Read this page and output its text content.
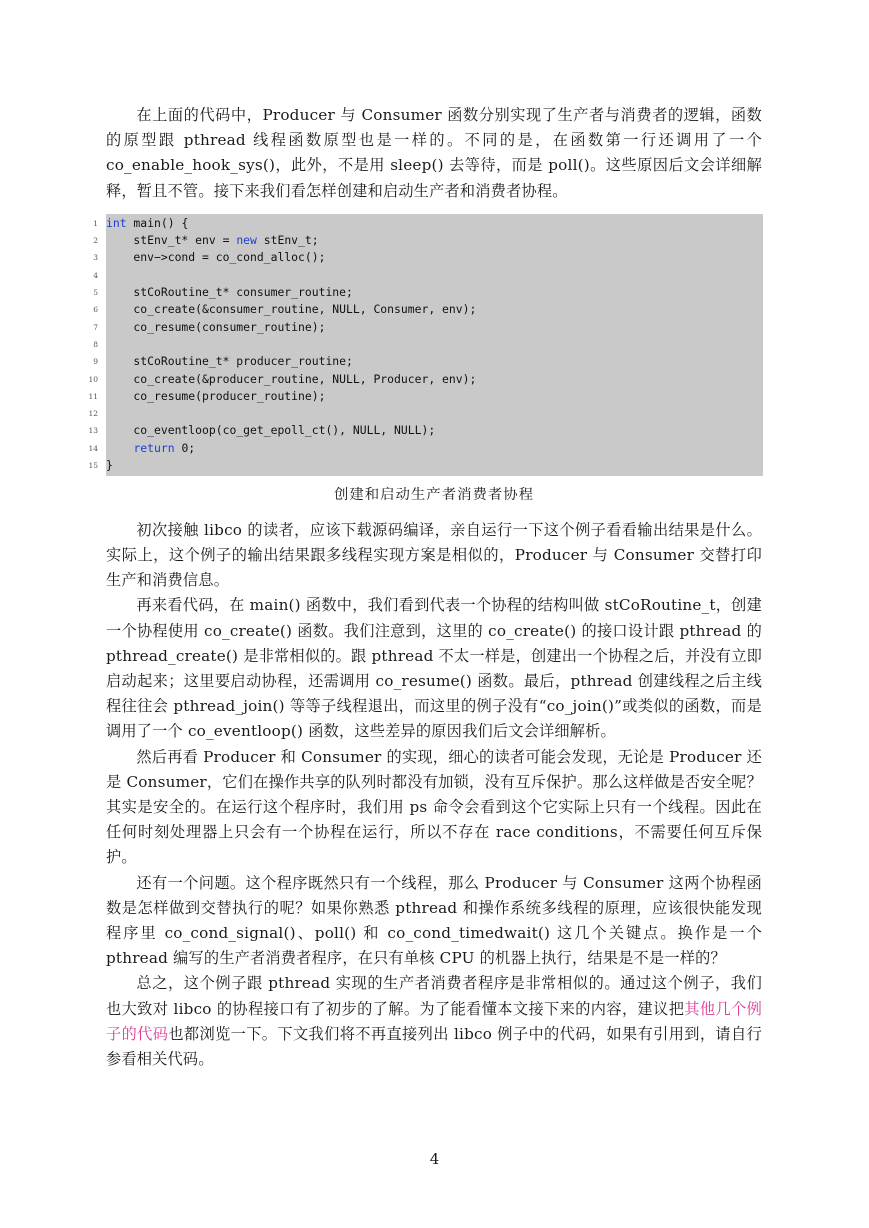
在上面的代码中，Producer 与 Consumer 函数分别实现了生产者与消费者的逻辑，函数的原型跟 pthread 线程函数原型也是一样的。不同的是，在函数第一行还调用了一个 co_enable_hook_sys()，此外，不是用 sleep() 去等待，而是 poll()。这些原因后文会详细解释，暂且不管。接下来我们看怎样创建和启动生产者和消费者协程。

1 int main() {
2 stEnv_t* env = new stEnv_t;
3 env−>cond = co_cond_alloc();
4
5 stCoRoutine_t* consumer_routine;
6 co_create(&consumer_routine, NULL, Consumer, env);
7 co_resume(consumer_routine);
8
9 stCoRoutine_t* producer_routine;
10 co_create(&producer_routine, NULL, Producer, env);
11 co_resume(producer_routine);
12
13 co_eventloop(co_get_epoll_ct(), NULL, NULL);
14	return 0;
15 }
创建和启动生产者消费者协程

初次接触 libco 的读者，应该下载源码编译，亲自运行一下这个例子看看输出结果是什么。实际上，这个例子的输出结果跟多线程实现方案是相似的，Producer 与 Consumer 交替打印生产和消费信息。

再来看代码，在 main() 函数中，我们看到代表一个协程的结构叫做 stCoRoutine_t，创建一个协程使用 co_create() 函数。我们注意到，这里的 co_create() 的接口设计跟 pthread 的 pthread_create() 是非常相似的。跟 pthread 不太一样是，创建出一个协程之后，并没有立即启动起来；这里要启动协程，还需调用 co_resume() 函数。最后，pthread 创建线程之后主线程往往会 pthread_join() 等等子线程退出，而这里的例子没有“co_join()”或类似的函数，而是调用了一个 co_eventloop() 函数，这些差异的原因我们后文会详细解析。

然后再看 Producer 和 Consumer 的实现，细心的读者可能会发现，无论是 Producer 还是 Consumer，它们在操作共享的队列时都没有加锁，没有互斥保护。那么这样做是否安全呢？其实是安全的。在运行这个程序时，我们用 ps 命令会看到这个它实际上只有一个线程。因此在任何时刻处理器上只会有一个协程在运行，所以不存在 race conditions，不需要任何互斥保护。

还有一个问题。这个程序既然只有一个线程，那么 Producer 与 Consumer 这两个协程函数是怎样做到交替执行的呢？如果你熟悉 pthread 和操作系统多线程的原理，应该很快能发现程序里 co_cond_signal()、poll() 和 co_cond_timedwait() 这几个关键点。换作是一个 pthread 编写的生产者消费者程序，在只有单核 CPU 的机器上执行，结果是不是一样的？

总之，这个例子跟 pthread 实现的生产者消费者程序是非常相似的。通过这个例子，我们也大致对 libco 的协程接口有了初步的了解。为了能看懂本文接下来的内容，建议把其他几个例子的代码也都浏览一下。下文我们将不再直接列出 libco 例子中的代码，如果有引用到，请自行参看相关代码。

4
